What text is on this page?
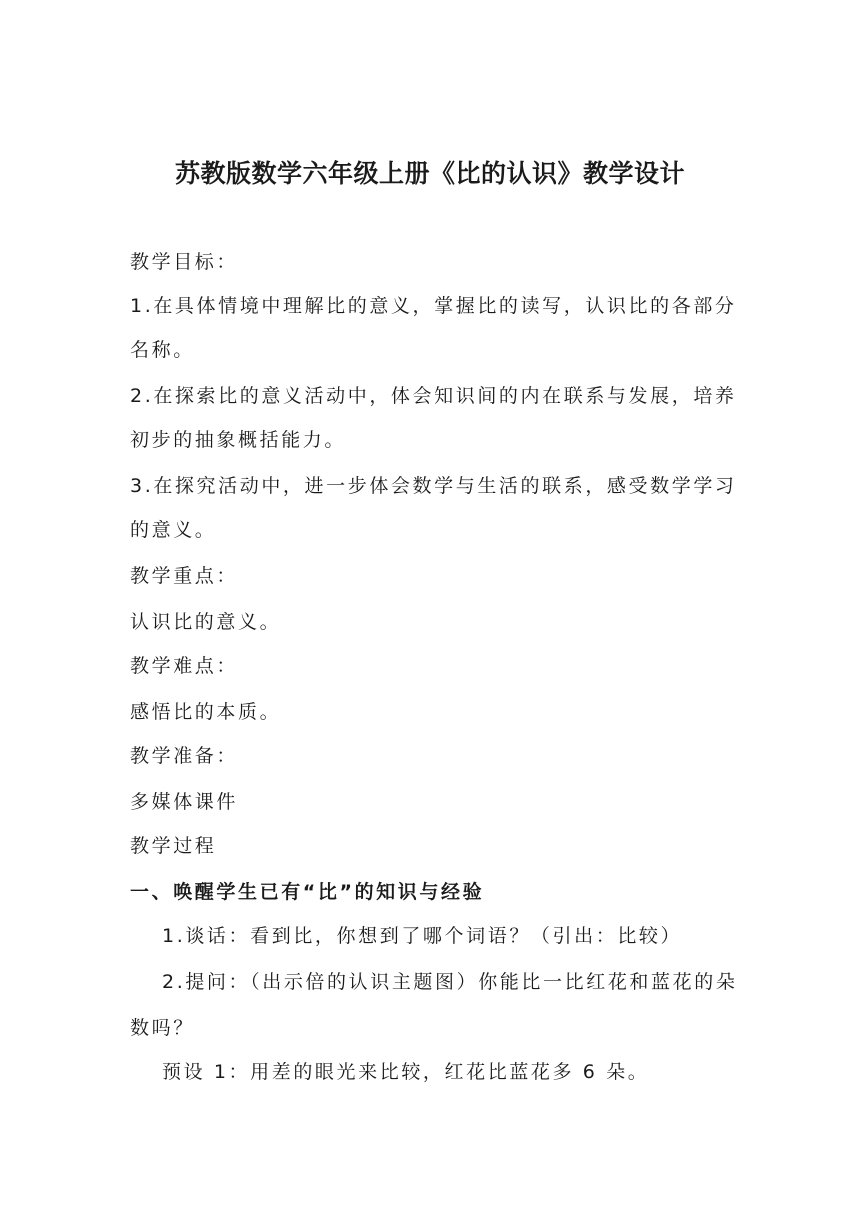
苏教版数学六年级上册《比的认识》教学设计
教学目标：
1.在具体情境中理解比的意义，掌握比的读写，认识比的各部分
名称。
2.在探索比的意义活动中，体会知识间的内在联系与发展，培养
初步的抽象概括能力。
3.在探究活动中，进一步体会数学与生活的联系，感受数学学习
的意义。
教学重点：
认识比的意义。
教学难点：
感悟比的本质。
教学准备：
多媒体课件
教学过程
一、唤醒学生已有“比”的知识与经验
1.谈话：看到比，你想到了哪个词语？（引出：比较）
2.提问：（出示倍的认识主题图）你能比一比红花和蓝花的朵
数吗？
预设 1：用差的眼光来比较，红花比蓝花多 6 朵。
